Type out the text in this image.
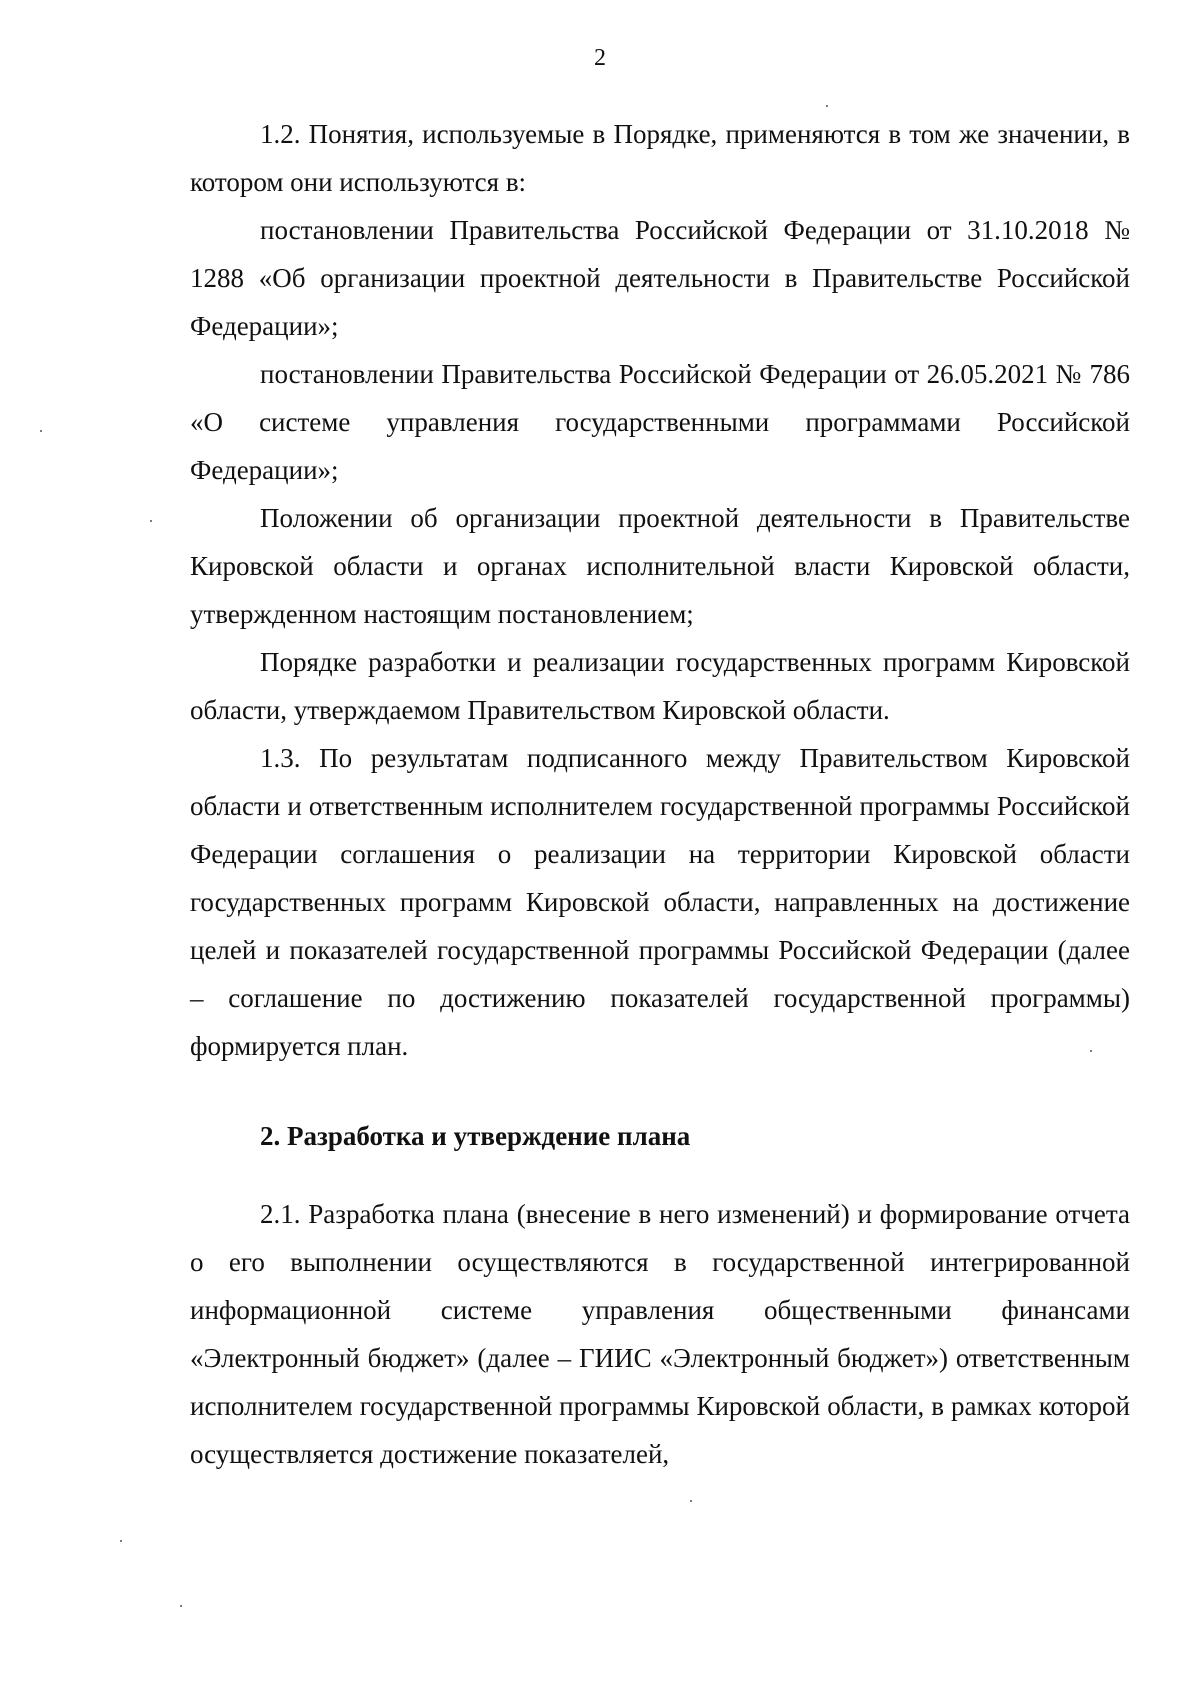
2

1.2. Понятия, используемые в Порядке, применяются в том же значении, в котором они используются в:

постановлении Правительства Российской Федерации от 31.10.2018 № 1288 «Об организации проектной деятельности в Правительстве Российской Федерации»;

постановлении Правительства Российской Федерации от 26.05.2021 № 786 «О системе управления государственными программами Российской Федерации»;

Положении об организации проектной деятельности в Правительстве Кировской области и органах исполнительной власти Кировской области, утвержденном настоящим постановлением;

Порядке разработки и реализации государственных программ Кировской области, утверждаемом Правительством Кировской области.

1.3. По результатам подписанного между Правительством Кировской области и ответственным исполнителем государственной программы Российской Федерации соглашения о реализации на территории Кировской области государственных программ Кировской области, направленных на достижение целей и показателей государственной программы Российской Федерации (далее – соглашение по достижению показателей государственной программы) формируется план.

2. Разработка и утверждение плана

2.1. Разработка плана (внесение в него изменений) и формирование отчета о его выполнении осуществляются в государственной интегрированной информационной системе управления общественными финансами «Электронный бюджет» (далее – ГИИС «Электронный бюджет») ответственным исполнителем государственной программы Кировской области, в рамках которой осуществляется достижение показателей,
